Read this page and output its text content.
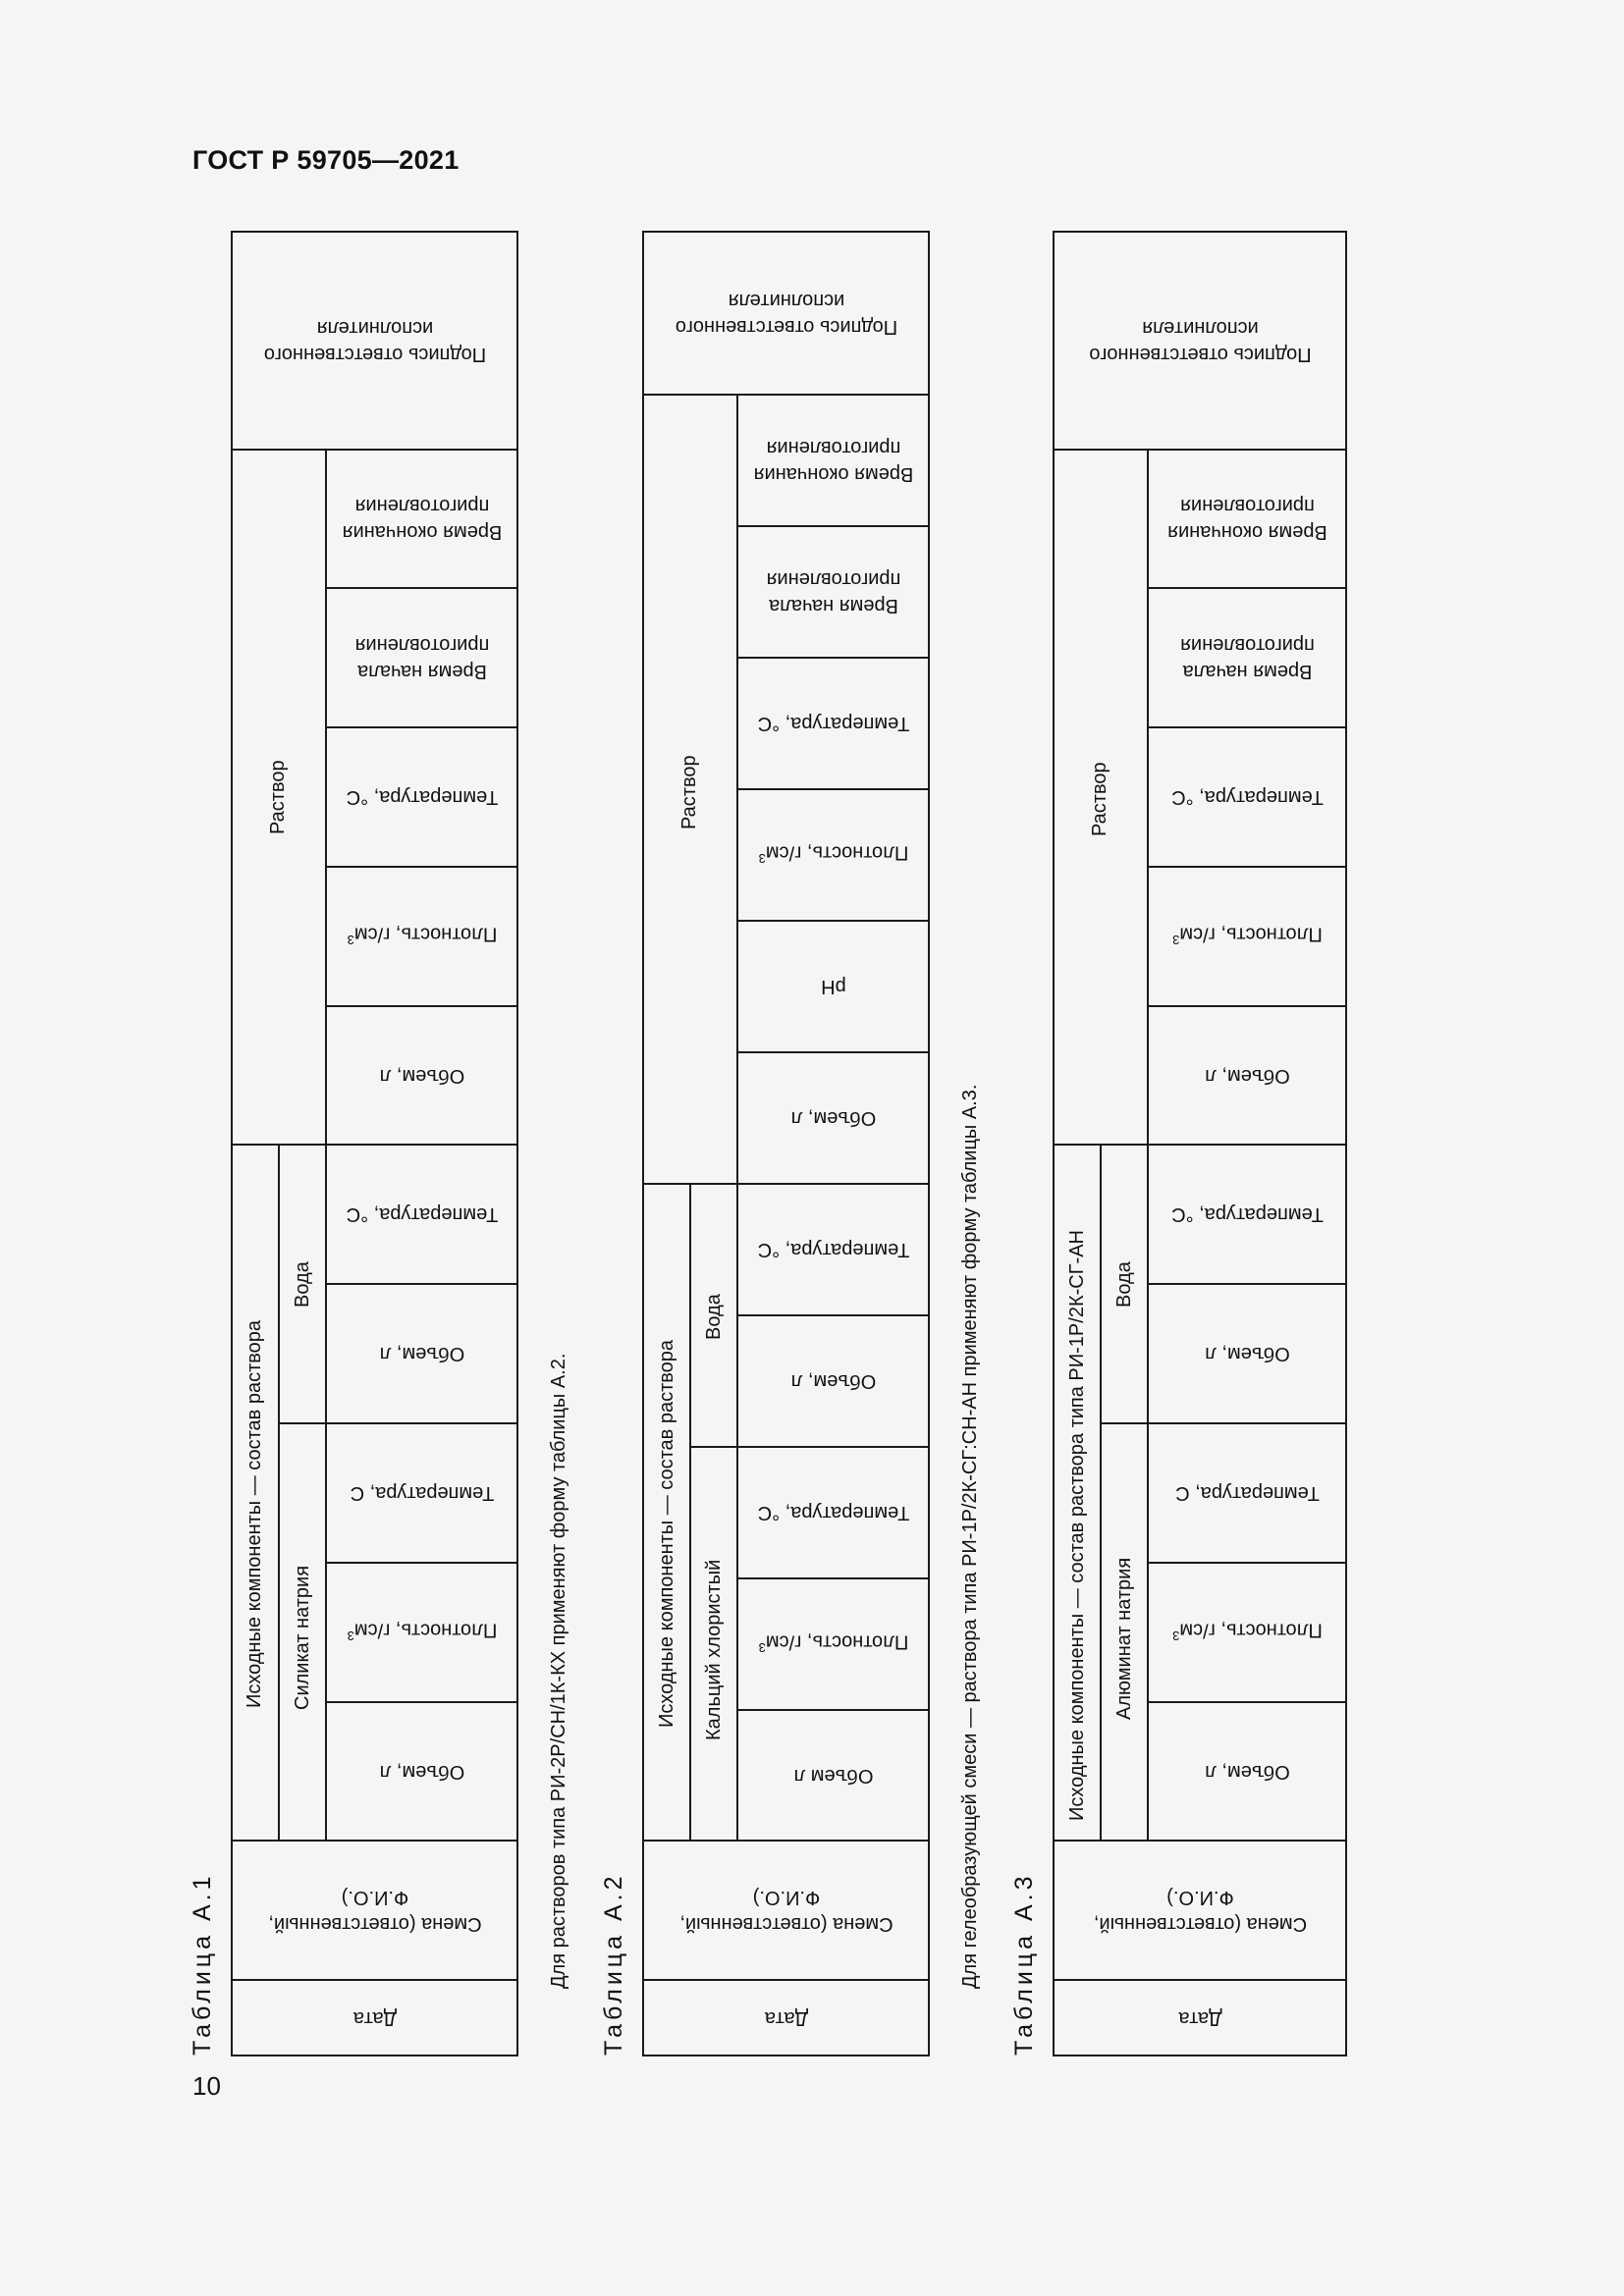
ГОСТ Р 59705—2021
Подпись ответственного исполнителя
Время окончания приготовления
Время начала приготовления
Температура, °С
Плотность, $г/см^3$
Объем, л
Температура, °С
Объем, л
Температура, С
Плотность, $г/см^3$
Объем, л
Смена (ответственный, Ф.И.О.)
Дата
Раствор
Исходные компоненты — состав раствора
Вода
Силикат натрия
Таблица А.1
Подпись ответственного исполнителя
Время окончания приготовления
Время начала приготовления
Температура, °С
Плотность, $г/см^3$
рН
Объем, л
Температура, °С
Объем, л
Температура, °С
Плотность, $г/см^3$
Объем л
Смена (ответственный, Ф.И.О.)
Дата
Раствор
Исходные компоненты — состав раствора
Вода
Кальций хлористый
Для растворов типа РИ-2Р/СН/1К-КХ применяют форму таблицы А.2. Таблица А.2
Подпись ответственного исполнителя
Время окончания приготовления
Время начала приготовления
Температура, °С
Плотность, $г/см^3$
Объем, л
Температура, °С
Объем, л
Температура, С
Плотность, $г/см^3$
Объем, л
Смена (ответственный, Ф.И.О.)
Дата
Раствор
Исходные компоненты — состав раствора типа РИ-1Р/2К-СГ-АН Вода
Алюминат натрия
Для гелеобразующей смеси — раствора типа РИ-1Р/2К-СГ:СН-АН применяют форму таблицы А.3. Таблица А.3
10
